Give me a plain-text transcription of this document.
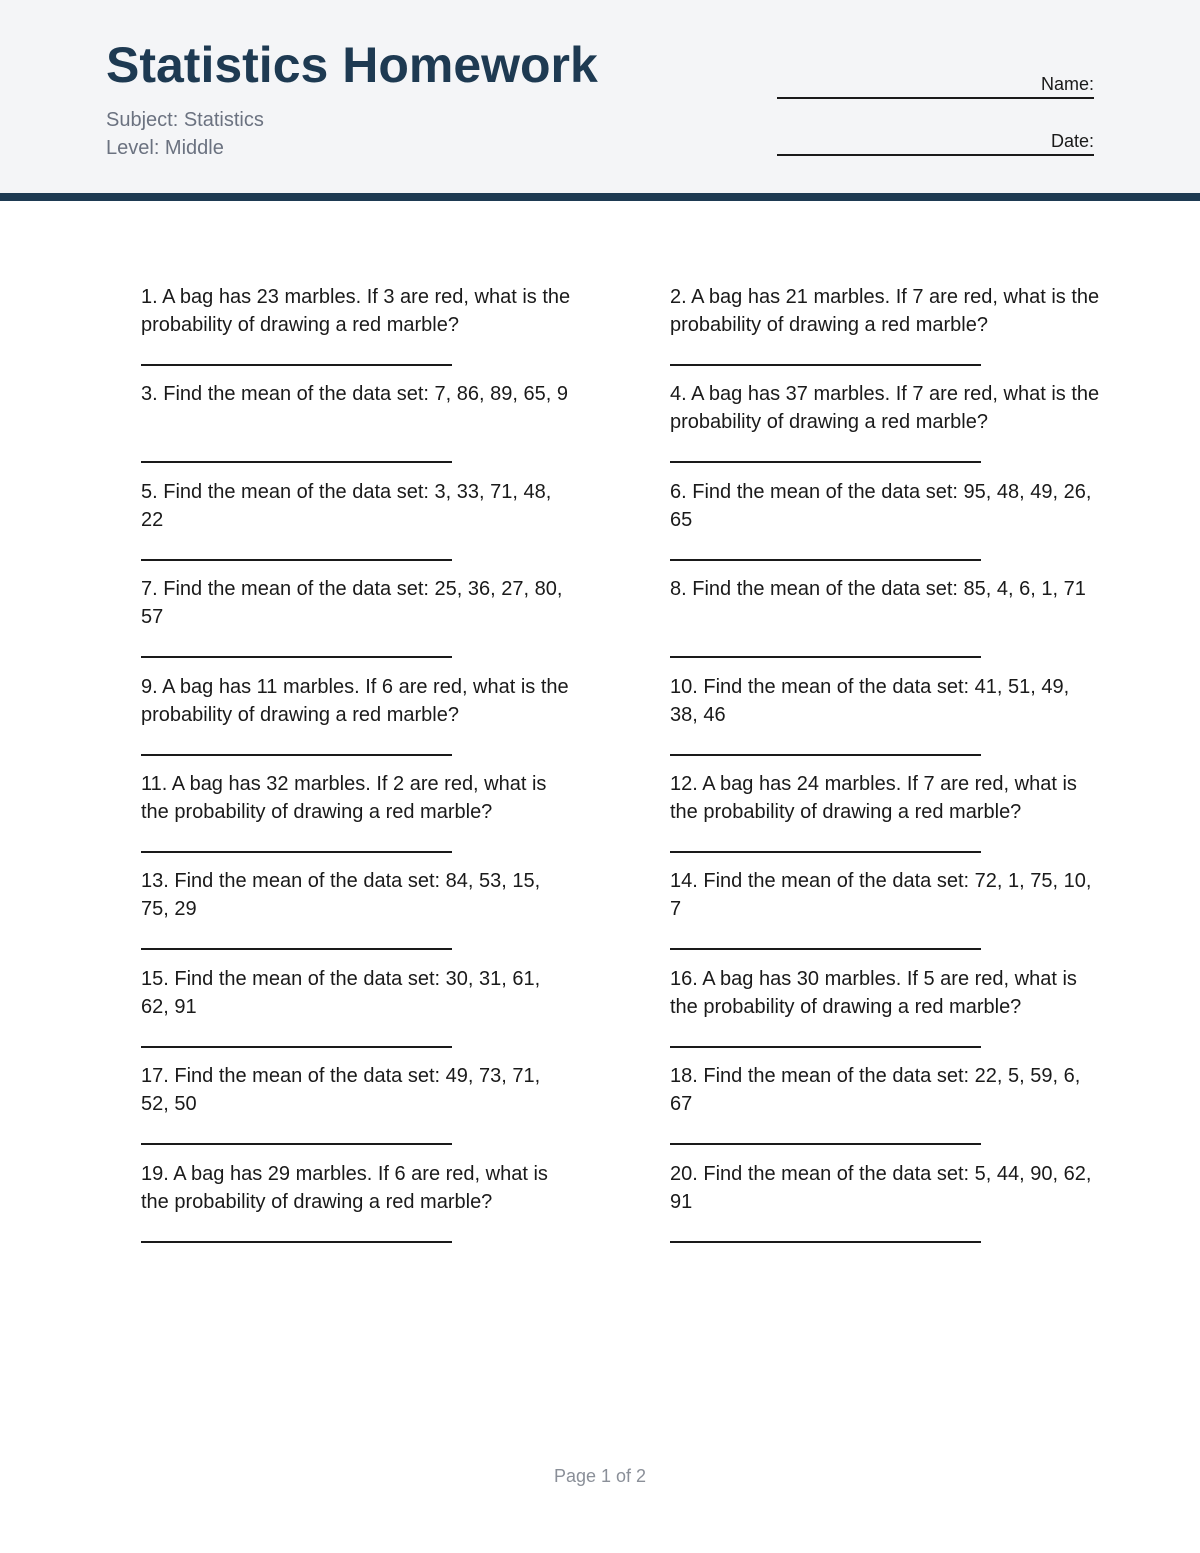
Statistics Homework
Subject: Statistics
Level: Middle
Name:
Date:
1. A bag has 23 marbles. If 3 are red, what is the probability of drawing a red marble?
2. A bag has 21 marbles. If 7 are red, what is the probability of drawing a red marble?
3. Find the mean of the data set: 7, 86, 89, 65, 9	4. A bag has 37 marbles. If 7 are red, what is the probability of drawing a red marble?
5. Find the mean of the data set: 3, 33, 71, 48, 22
6. Find the mean of the data set: 95, 48, 49, 26, 65
7. Find the mean of the data set: 25, 36, 27, 80, 57
8. Find the mean of the data set: 85, 4, 6, 1, 71
9. A bag has 11 marbles. If 6 are red, what is the probability of drawing a red marble?
10. Find the mean of the data set: 41, 51, 49, 38, 46
11. A bag has 32 marbles. If 2 are red, what is the probability of drawing a red marble?
12. A bag has 24 marbles. If 7 are red, what is the probability of drawing a red marble?
13. Find the mean of the data set: 84, 53, 15, 75, 29
14. Find the mean of the data set: 72, 1, 75, 10, 7
15. Find the mean of the data set: 30, 31, 61, 62, 91
16. A bag has 30 marbles. If 5 are red, what is the probability of drawing a red marble?
17. Find the mean of the data set: 49, 73, 71, 52, 50
18. Find the mean of the data set: 22, 5, 59, 6, 67
19. A bag has 29 marbles. If 6 are red, what is the probability of drawing a red marble?
20. Find the mean of the data set: 5, 44, 90, 62, 91
Page 1 of 2
